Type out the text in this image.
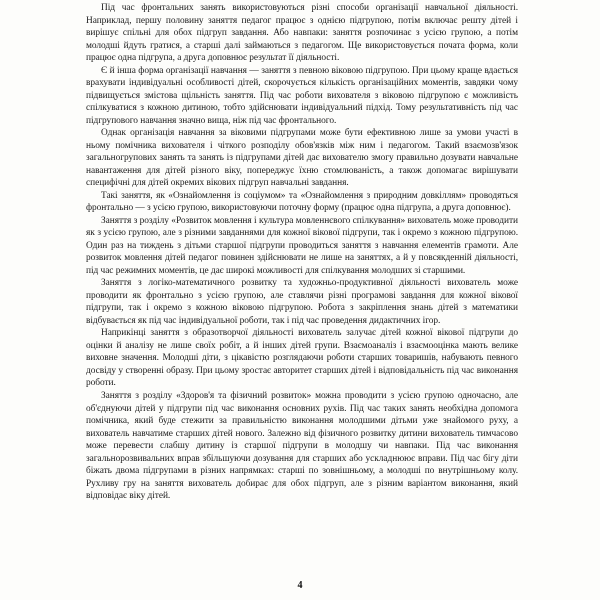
Під час фронтальних занять використовуються різні способи організації навчальної діяльності. Наприклад, першу половину заняття педагог працює з однією підгрупою, потім включає решту дітей і вирішує спільні для обох підгруп завдання. Або навпаки: заняття розпочинає з усією групою, а потім молодші йдуть гратися, а старші далі займаються з педагогом. Ще використовується почата форма, коли працює одна підгрупа, а друга доповнює результат її діяльності.

Є й інша форма організації навчання — заняття з певною віковою підгрупою. При цьому краще вдається врахувати індивідуальні особливості дітей, скорочується кількість організаційних моментів, завдяки чому підвищується змістова щільність заняття. Під час роботи вихователя з віковою підгрупою є можливість спілкуватися з кожною дитиною, тобто здійснювати індивідуальний підхід. Тому результативність під час підгрупового навчання значно вища, ніж під час фронтального.

Однак організація навчання за віковими підгрупами може бути ефективною лише за умови участі в ньому помічника вихователя і чіткого розподілу обов'язків між ним і педагогом. Такий взаємозв'язок загальногрупових занять та занять із підгрупами дітей дає вихователю змогу правильно дозувати навчальне навантаження для дітей різного віку, попереджує їхню стомлюваність, а також допомагає вирішувати специфічні для дітей окремих вікових підгруп навчальні завдання.

Такі заняття, як «Ознайомлення із соціумом» та «Ознайомлення з природним довкіллям» проводяться фронтально — з усією групою, використовуючи поточну форму (працює одна підгрупа, а друга доповнює).

Заняття з розділу «Розвиток мовлення і культура мовленнєвого спілкування» вихователь може проводити як з усією групою, але з різними завданнями для кожної вікової підгрупи, так і окремо з кожною підгрупою. Один раз на тиждень з дітьми старшої підгрупи проводиться заняття з навчання елементів грамоти. Але розвиток мовлення дітей педагог повинен здійснювати не лише на заняттях, а й у повсякденній діяльності, під час режимних моментів, це дає широкі можливості для спілкування молодших зі старшими.

Заняття з логіко-математичного розвитку та художньо-продуктивної діяльності вихователь може проводити як фронтально з усією групою, але ставлячи різні програмові завдання для кожної вікової підгрупи, так і окремо з кожною віковою підгрупою. Робота з закріплення знань дітей з математики відбувається як під час індивідуальної роботи, так і під час проведення дидактичних ігор.

Наприкінці заняття з образотворчої діяльності вихователь залучає дітей кожної вікової підгрупи до оцінки й аналізу не лише своїх робіт, а й інших дітей групи. Взаємоаналіз і взаємооцінка мають велике виховне значення. Молодші діти, з цікавістю розглядаючи роботи старших товаришів, набувають певного досвіду у створенні образу. При цьому зростає авторитет старших дітей і відповідальність під час виконання роботи.

Заняття з розділу «Здоров'я та фізичний розвиток» можна проводити з усією групою одночасно, але об'єднуючи дітей у підгрупи під час виконання основних рухів. Під час таких занять необхідна допомога помічника, який буде стежити за правильністю виконання молодшими дітьми уже знайомого руху, а вихователь навчатиме старших дітей нового. Залежно від фізичного розвитку дитини вихователь тимчасово може перевести слабшу дитину із старшої підгрупи в молодшу чи навпаки. Під час виконання загальнорозвивальних вправ збільшуючи дозування для старших або ускладнюює вправи. Під час бігу діти біжать двома підгрупами в різних напрямках: старші по зовнішньому, а молодші по внутрішньому колу. Рухливу гру на заняття вихователь добирає для обох підгруп, але з різним варіантом виконання, який відповідає віку дітей.

4
